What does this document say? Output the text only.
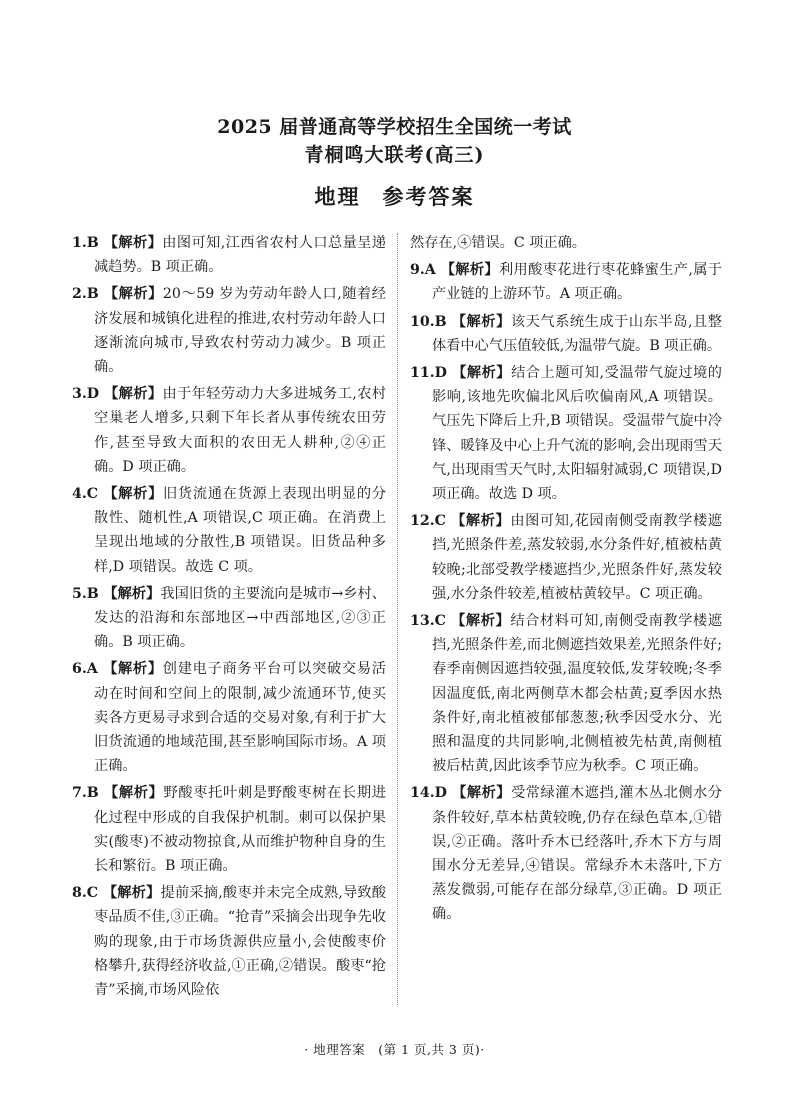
2025 届普通高等学校招生全国统一考试
青桐鸣大联考(高三)
地理 参考答案
1.B 【解析】由图可知,江西省农村人口总量呈递减趋势。B 项正确。
2.B 【解析】20～59 岁为劳动年龄人口,随着经济发展和城镇化进程的推进,农村劳动年龄人口逐渐流向城市,导致农村劳动力减少。B 项正确。
3.D 【解析】由于年轻劳动力大多进城务工,农村空巢老人增多,只剩下年长者从事传统农田劳作,甚至导致大面积的农田无人耕种,②④正确。D 项正确。
4.C 【解析】旧货流通在货源上表现出明显的分散性、随机性,A 项错误,C 项正确。在消费上呈现出地域的分散性,B 项错误。旧货品种多样,D 项错误。故选 C 项。
5.B 【解析】我国旧货的主要流向是城市→乡村、发达的沿海和东部地区→中西部地区,②③正确。B 项正确。
6.A 【解析】创建电子商务平台可以突破交易活动在时间和空间上的限制,减少流通环节,使买卖各方更易寻求到合适的交易对象,有利于扩大旧货流通的地域范围,甚至影响国际市场。A 项正确。
7.B 【解析】野酸枣托叶刺是野酸枣树在长期进化过程中形成的自我保护机制。刺可以保护果实(酸枣)不被动物掠食,从而维护物种自身的生长和繁衍。B 项正确。
8.C 【解析】提前采摘,酸枣并未完全成熟,导致酸枣品质不佳,③正确。“抢青”采摘会出现争先收购的现象,由于市场货源供应量小,会使酸枣价格攀升,获得经济收益,①正确,②错误。酸枣“抢青”采摘,市场风险依
然存在,④错误。C 项正确。
9.A 【解析】利用酸枣花进行枣花蜂蜜生产,属于产业链的上游环节。A 项正确。
10.B 【解析】该天气系统生成于山东半岛,且整体看中心气压值较低,为温带气旋。B 项正确。
11.D 【解析】结合上题可知,受温带气旋过境的影响,该地先吹偏北风后吹偏南风,A 项错误。气压先下降后上升,B 项错误。受温带气旋中冷锋、暖锋及中心上升气流的影响,会出现雨雪天气,出现雨雪天气时,太阳辐射减弱,C 项错误,D 项正确。故选 D 项。
12.C 【解析】由图可知,花园南侧受南教学楼遮挡,光照条件差,蒸发较弱,水分条件好,植被枯黄较晚;北部受教学楼遮挡少,光照条件好,蒸发较强,水分条件较差,植被枯黄较早。C 项正确。
13.C 【解析】结合材料可知,南侧受南教学楼遮挡,光照条件差,而北侧遮挡效果差,光照条件好;春季南侧因遮挡较强,温度较低,发芽较晚;冬季因温度低,南北两侧草木都会枯黄;夏季因水热条件好,南北植被郁郁葱葱;秋季因受水分、光照和温度的共同影响,北侧植被先枯黄,南侧植被后枯黄,因此该季节应为秋季。C 项正确。
14.D 【解析】受常绿灌木遮挡,灌木丛北侧水分条件较好,草本枯黄较晚,仍存在绿色草本,①错误,②正确。落叶乔木已经落叶,乔木下方与周围水分无差异,④错误。常绿乔木未落叶,下方蒸发微弱,可能存在部分绿草,③正确。D 项正确。
· 地理答案　(第 1 页,共 3 页)·
